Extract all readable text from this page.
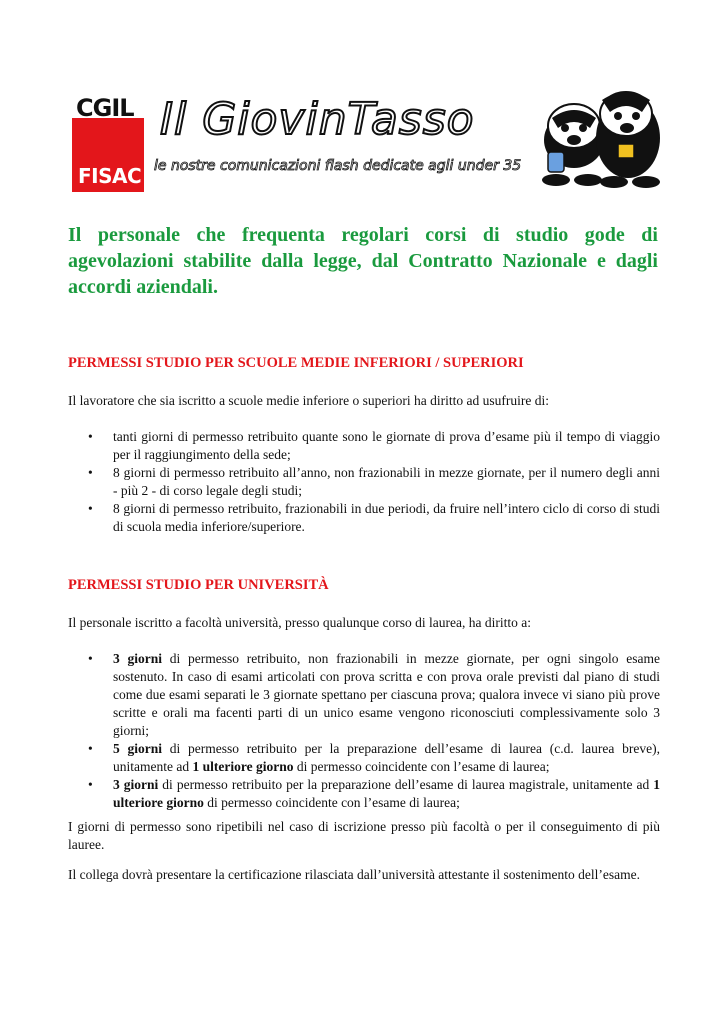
CGIL
FISAC
Il GiovinTasso
le nostre comunicazioni flash dedicate agli under 35

Il personale che frequenta regolari corsi di studio gode di agevolazioni stabilite dalla legge, dal Contratto Nazionale e dagli accordi aziendali.

PERMESSI STUDIO PER SCUOLE MEDIE INFERIORI / SUPERIORI

Il lavoratore che sia iscritto a scuole medie inferiore o superiori ha diritto ad usufruire di:

• tanti giorni di permesso retribuito quante sono le giornate di prova d’esame più il tempo di viaggio per il raggiungimento della sede;
• 8 giorni di permesso retribuito all’anno, non frazionabili in mezze giornate, per il numero degli anni - più 2 - di corso legale degli studi;
• 8 giorni di permesso retribuito, frazionabili in due periodi, da fruire nell’intero ciclo di corso di studi di scuola media inferiore/superiore.
PERMESSI STUDIO PER UNIVERSITÀ

Il personale iscritto a facoltà università, presso qualunque corso di laurea, ha diritto a:

• 3 giorni di permesso retribuito, non frazionabili in mezze giornate, per ogni singolo esame sostenuto. In caso di esami articolati con prova scritta e con prova orale previsti dal piano di studi come due esami separati le 3 giornate spettano per ciascuna prova; qualora invece vi siano più prove scritte e orali ma facenti parti di un unico esame vengono riconosciuti complessivamente solo 3 giorni;
• 5 giorni di permesso retribuito per la preparazione dell’esame di laurea (c.d. laurea breve), unitamente ad 1 ulteriore giorno di permesso coincidente con l’esame di laurea;
• 3 giorni di permesso retribuito per la preparazione dell’esame di laurea magistrale, unitamente ad 1 ulteriore giorno di permesso coincidente con l’esame di laurea;

I giorni di permesso sono ripetibili nel caso di iscrizione presso più facoltà o per il conseguimento di più lauree.

Il collega dovrà presentare la certificazione rilasciata dall’università attestante il sostenimento dell’esame.
